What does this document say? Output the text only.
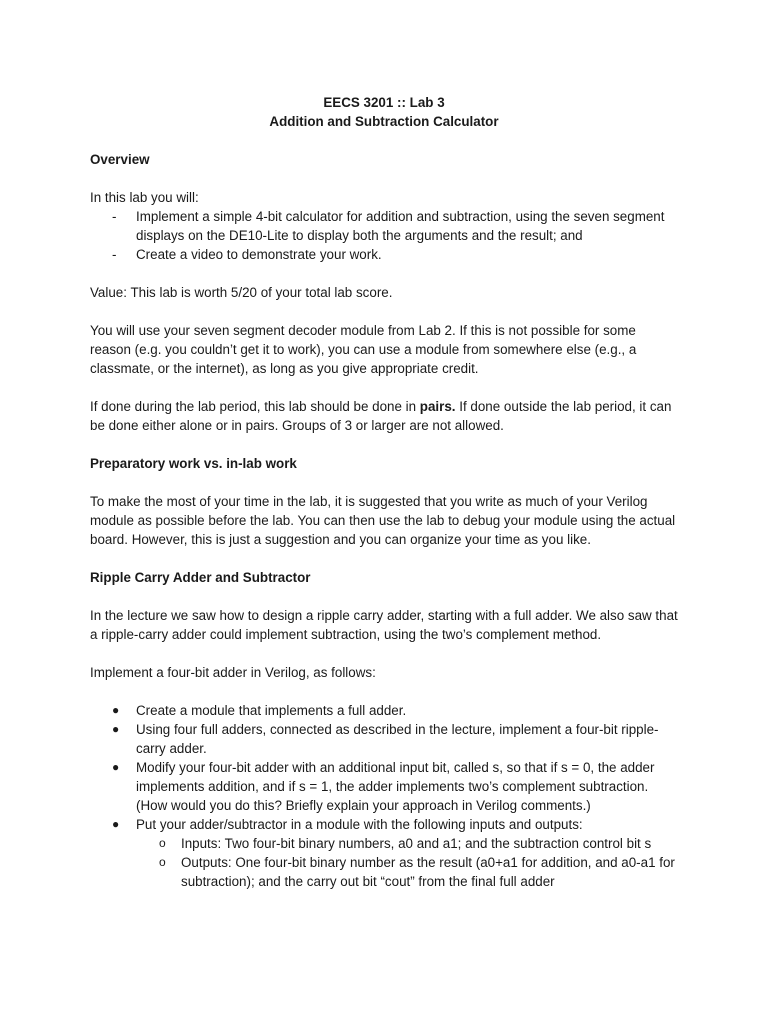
EECS 3201 :: Lab 3
Addition and Subtraction Calculator

Overview

In this lab you will:

- Implement a simple 4-bit calculator for addition and subtraction, using the seven segment displays on the DE10-Lite to display both the arguments and the result; and
- Create a video to demonstrate your work.

Value: This lab is worth 5/20 of your total lab score.

You will use your seven segment decoder module from Lab 2. If this is not possible for some reason (e.g. you couldn’t get it to work), you can use a module from somewhere else (e.g., a classmate, or the internet), as long as you give appropriate credit.

If done during the lab period, this lab should be done in pairs. If done outside the lab period, it can be done either alone or in pairs. Groups of 3 or larger are not allowed.

Preparatory work vs. in-lab work

To make the most of your time in the lab, it is suggested that you write as much of your Verilog module as possible before the lab. You can then use the lab to debug your module using the actual board. However, this is just a suggestion and you can organize your time as you like.

Ripple Carry Adder and Subtractor

In the lecture we saw how to design a ripple carry adder, starting with a full adder. We also saw that a ripple-carry adder could implement subtraction, using the two’s complement method.

Implement a four-bit adder in Verilog, as follows:

● Create a module that implements a full adder.
● Using four full adders, connected as described in the lecture, implement a four-bit ripple-carry adder.
● Modify your four-bit adder with an additional input bit, called s, so that if s = 0, the adder implements addition, and if s = 1, the adder implements two’s complement subtraction. (How would you do this? Briefly explain your approach in Verilog comments.)
● Put your adder/subtractor in a module with the following inputs and outputs:
o Inputs: Two four-bit binary numbers, a0 and a1; and the subtraction control bit s
o Outputs: One four-bit binary number as the result (a0+a1 for addition, and a0-a1 for subtraction); and the carry out bit “cout” from the final full adder
